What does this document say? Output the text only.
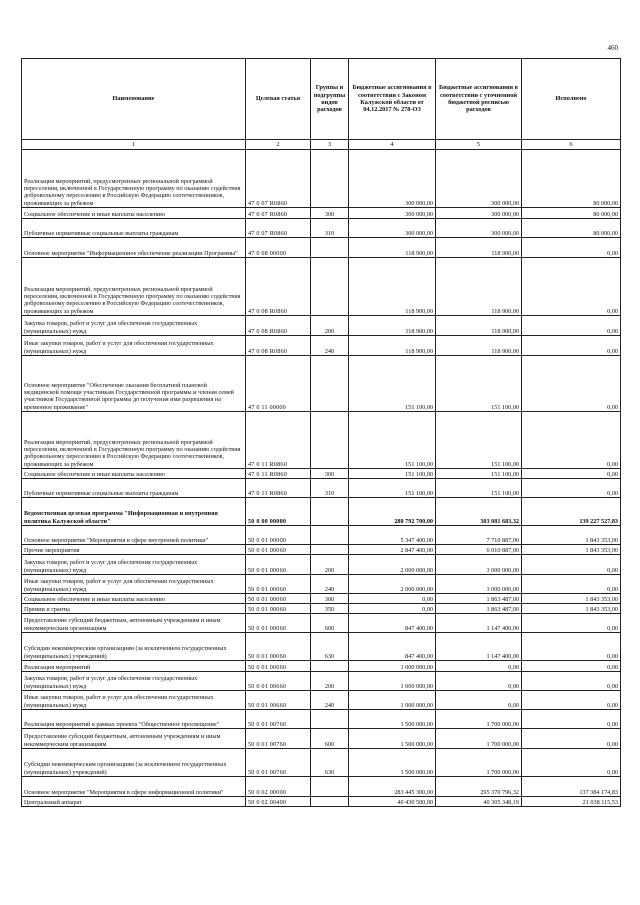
460
Наименование	Целевая статья	Группы и подгруппы видов расходов	Бюджетные ассигнования в соответствии с Законом Калужской области от 04.12.2017 № 278-ОЗ	Бюджетные ассигнования в соответствии с уточненной бюджетной росписью расходов	Исполнено
1	2	3	4	5	6
Реализация мероприятий, предусмотренных региональной программой переселения, включенной в Государственную программу по оказанию содействия добровольному переселению в Российскую Федерацию соотечественников, проживающих за рубежом	47 0 07 R0860		300 000,00	300 000,00	80 000,00
Социальное обеспечение и иные выплаты населению	47 0 07 R0860	300	300 000,00	300 000,00	80 000,00
Публичные нормативные социальные выплаты гражданам	47 0 07 R0860	310	300 000,00	300 000,00	80 000,00
Основное мероприятие "Информационное обеспечение реализации Программы"	47 0 08 00000		118 900,00	118 900,00	0,00
Реализация мероприятий, предусмотренных региональной программой переселения, включенной в Государственную программу по оказанию содействия добровольному переселению в Российскую Федерацию соотечественников, проживающих за рубежом	47 0 08 R0860		118 900,00	118 900,00	0,00
Закупка товаров, работ и услуг для обеспечения государственных (муниципальных) нужд	47 0 08 R0860	200	118 900,00	118 900,00	0,00
Иные закупки товаров, работ и услуг для обеспечения государственных (муниципальных) нужд	47 0 08 R0860	240	118 900,00	118 900,00	0,00
Основное мероприятие "Обеспечение оказания бесплатной плановой медицинской помощи участникам Государственной программы и членам семей участников Государственной программы до получения ими разрешения на временное проживание"	47 0 11 00000		151 100,00	151 100,00	0,00
Реализация мероприятий, предусмотренных региональной программой переселения, включенной в Государственную программу по оказанию содействия добровольному переселению в Российскую Федерацию соотечественников, проживающих за рубежом	47 0 11 R0860		151 100,00	151 100,00	0,00
Социальное обеспечение и иные выплаты населению	47 0 11 R0860	300	151 100,00	151 100,00	0,00
Публичные нормативные социальные выплаты гражданам	47 0 11 R0860	310	151 100,00	151 100,00	0,00
Ведомственная целевая программа "Информационная и внутренняя политика Калужской области"	50 0 00 00000		288 792 700,00	303 081 683,32	139 227 527,83
Основное мероприятие "Мероприятия в сфере внутренней политики"	50 0 01 00000		5 347 400,00	7 710 887,00	1 843 353,00
Прочие мероприятия	50 0 01 00060		2 847 400,00	6 010 887,00	1 843 353,00
Закупка товаров, работ и услуг для обеспечения государственных (муниципальных) нужд	50 0 01 00060	200	2 000 000,00	3 000 000,00	0,00
Иные закупки товаров, работ и услуг для обеспечения государственных (муниципальных) нужд	50 0 01 00060	240	2 000 000,00	3 000 000,00	0,00
Социальное обеспечение и иные выплаты населению	50 0 01 00060	300	0,00	1 863 487,00	1 843 353,00
Премии и гранты	50 0 01 00060	350	0,00	1 863 487,00	1 843 353,00
Предоставление субсидий бюджетным, автономным учреждениям и иным некоммерческим организациям	50 0 01 00060	600	847 400,00	1 147 400,00	0,00
Субсидии некоммерческим организациям (за исключением государственных (муниципальных) учреждений)	50 0 01 00060	630	847 400,00	1 147 400,00	0,00
Реализация мероприятий	50 0 01 00660		1 000 000,00	0,00	0,00
Закупка товаров, работ и услуг для обеспечения государственных (муниципальных) нужд	50 0 01 00660	200	1 000 000,00	0,00	0,00
Иные закупки товаров, работ и услуг для обеспечения государственных (муниципальных) нужд	50 0 01 00660	240	1 000 000,00	0,00	0,00
Реализация мероприятий в рамках проекта "Общественное просвещение"	50 0 01 00760		1 500 000,00	1 700 000,00	0,00
Предоставление субсидий бюджетным, автономным учреждениям и иным некоммерческим организациям	50 0 01 00760	600	1 500 000,00	1 700 000,00	0,00
Субсидии некоммерческим организациям (за исключением государственных (муниципальных) учреждений)	50 0 01 00760	630	1 500 000,00	1 700 000,00	0,00
Основное мероприятие "Мероприятия в сфере информационной политики"	50 0 02 00000		283 445 300,00	295 370 796,32	137 384 174,83
Центральный аппарат	50 0 02 00400		40 430 500,00	40 305 348,19	21 038 115,53
